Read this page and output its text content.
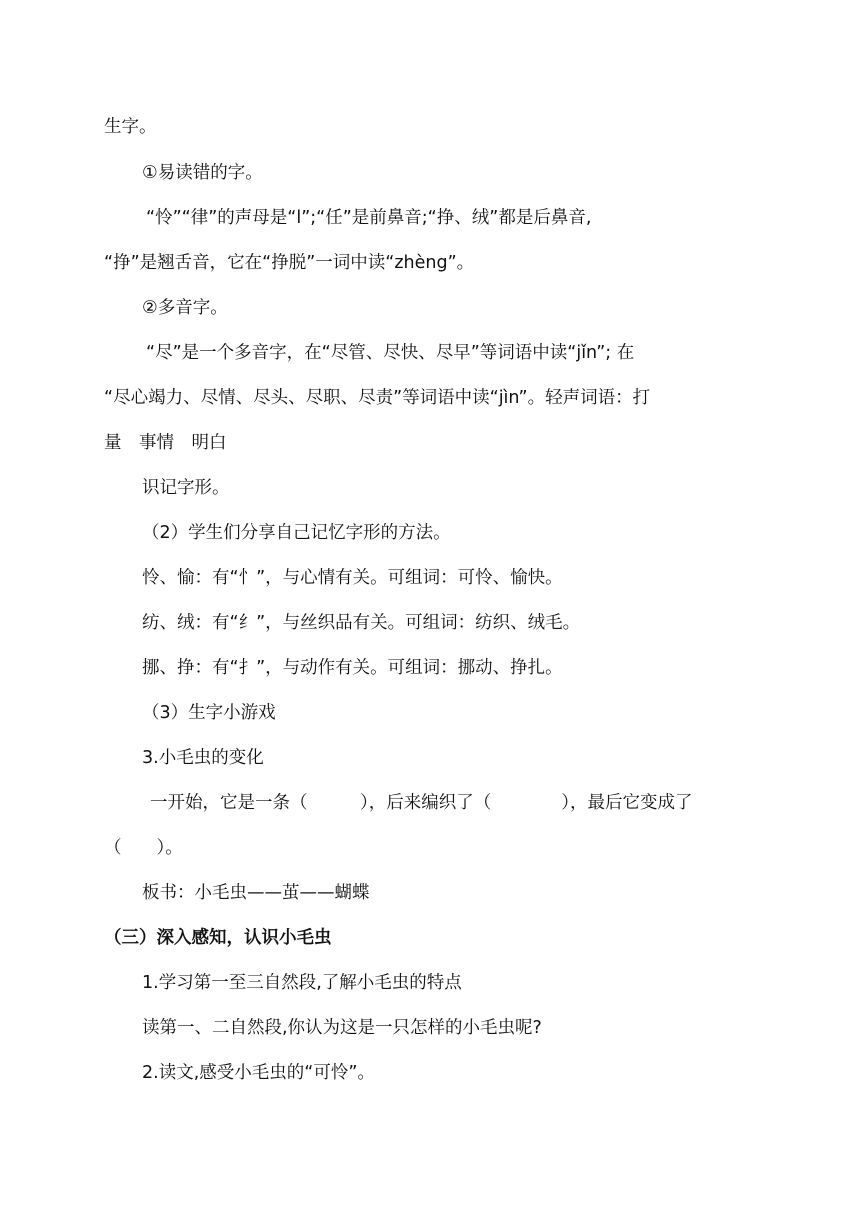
生字。
①易读错的字。
“怜”“律”的声母是“l”;“任”是前鼻音;“挣、绒”都是后鼻音,
“挣”是翘舌音，它在“挣脱”一词中读“zhèng”。
②多音字。
“尽”是一个多音字，在“尽管、尽快、尽早”等词语中读“jǐn”; 在
“尽心竭力、尽情、尽头、尽职、尽责”等词语中读“jìn”。轻声词语：打
量　事情　明白
识记字形。
（2）学生们分享自己记忆字形的方法。
怜、愉：有“忄”，与心情有关。可组词：可怜、愉快。
纺、绒：有“纟”，与丝织品有关。可组词：纺织、绒毛。
挪、挣：有“扌”，与动作有关。可组词：挪动、挣扎。
（3）生字小游戏
3.小毛虫的变化
一开始，它是一条（　　　），后来编织了（　　　　），最后它变成了
（　　）。
板书：小毛虫——茧——蝴蝶
（三）深入感知，认识小毛虫
1.学习第一至三自然段,了解小毛虫的特点
读第一、二自然段,你认为这是一只怎样的小毛虫呢?
2.读文,感受小毛虫的“可怜”。
